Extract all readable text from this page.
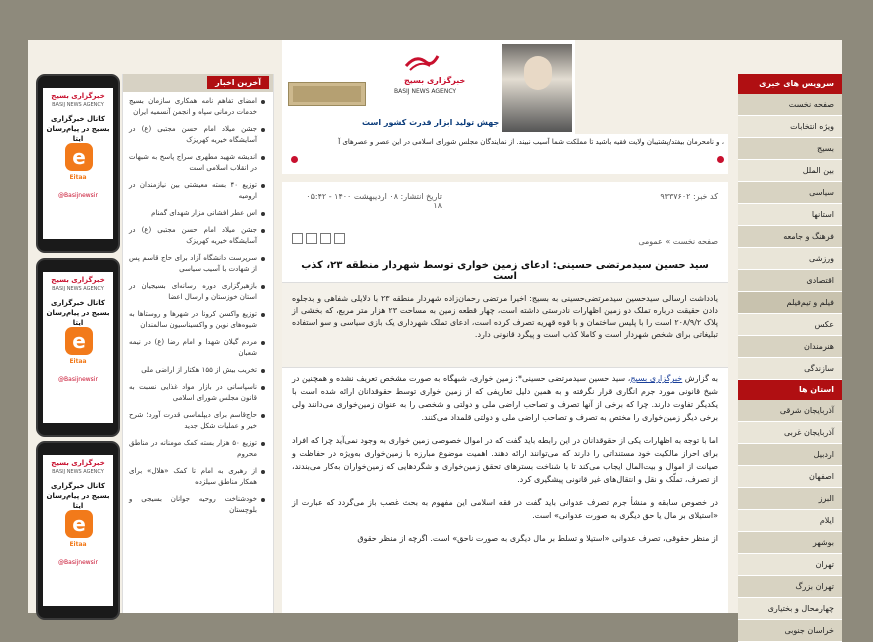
خبرگزاری بسیج
BASIJ NEWS AGENCY
کانال خبرگزاری بسیج در پیام‌رسان ایتا
e
Eitaa
@Basijnewsir
خبرگزاری بسیج
BASIJ NEWS AGENCY
کانال خبرگزاری بسیج در پیام‌رسان ایتا
e
Eitaa
@Basijnewsir
خبرگزاری بسیج
BASIJ NEWS AGENCY
کانال خبرگزاری بسیج در پیام‌رسان ایتا
e
Eitaa
@Basijnewsir
آخرین اخبار
امضای تفاهم نامه همکاری سازمان بسیج خدمات درمانی سپاه و انجمن آنسمیه ایران
جشن میلاد امام حسن مجتبی (ع) در آسایشگاه خیریه کهریزک
اندیشه شهید مطهری سراج پاسخ به شبهات در انقلاب اسلامی است
توزیع ۴۰ بسته معیشتی بین نیازمندان در ارومیه
اس عطر افشانی مزار شهدای گمنام
جشن میلاد امام حسن مجتبی (ع) در آسایشگاه خیریه کهریزک
سرپرست دانشگاه آزاد برای حاج قاسم پس از شهادت با آسیب سیاسی
بازهبرگزاری دوره رسانه‌ای بسیجیان در استان خوزستان و ارسال اعضا
توزیع واکسن کرونا در شهرها و روستاها به شیوه‌های نوین و واکسیناسیون سالمندان
مردم گیلان شهدا و امام رضا (ع) در نیمه شعبان
تخریب بیش از ۱۵۵ هکتار از اراضی ملی
ناسپاسانی در بازار مواد غذایی نسبت به قانون مجلس شورای اسلامی
حاج‌قاسم برای دیپلماسی قدرت آورد؛ شرح خیر و عملیات شکل جدید
توزیع ۵۰ هزار بسته کمک مومنانه در مناطق محروم
از رهبری به امام تا کمک «هلال» برای همکار مناطق سیلزده
خودشناخت روحیه جوانان بسیجی و بلوچستان
خبرگزاری بسیج
BASIJ NEWS AGENCY
جهش تولید ابزار قدرت کشور است
، و نامحرمان بیفتد/پشتیبان ولایت فقیه باشید تا مملکت شما آسیب نبیند. از نمایندگان مجلس شورای اسلامی در این عصر و عصرهای آ
کد خبر: ۹۳۳۷۶۰۲
تاریخ انتشار: ۰۸ اردیبهشت ۱۴۰۰ - ۰۵:۴۲
۱۸
صفحه نخست » عمومی
سید حسین سیدمرتضی حسینی: ادعای زمین خواری توسط شهردار منطقه ۲۳، کذب است

یادداشت ارسالی سیدحسین سیدمرتضی‌حسینی به بسیج: اخیرا مرتضی رحمان‌زاده شهردار منطقه ۲۳ با دلایلی شفاهی و بدجلوه دادن حقیقت درباره تملک دو زمین اظهارات نادرستی داشته است، چهار قطعه زمین به مساحت ۲۳ هزار متر مربع، که بخشی از پلاک ۲۰۸/۹/۲ است را با پلیس ساختمان و با قوه قهریه تصرف کرده است، ادعای تملک شهرداری یک بازی سیاسی و سو استفاده تبلیغاتی برای شخص شهردار است و کاملا کذب است و پیگرد قانونی دارد.

به گزارش خبرگزاری بسیج، سید حسین سیدمرتضی حسینی*: زمین خواری، شبهگاه به صورت مشخص تعریف نشده و همچنین در شیخ قانونی مورد جرم انگاری قرار نگرفته و به همین دلیل تعاریفی که از زمین خواری توسط حقوقدانان ارائه شده است با یکدیگر تفاوت دارند. چرا که برخی از آنها تصرف و تصاحب اراضی ملی و دولتی و شخصی را به عنوان زمین‌خواری می‌دانند ولی برخی دیگر زمین‌خواری را مختص به تصرف و تصاحب اراضی ملی و دولتی قلمداد می‌کنند.

اما با توجه به اظهارات یکی از حقوقدانان در این رابطه باید گفت که در اموال خصوصی زمین خواری به وجود نمی‌آید چرا که افراد برای احراز مالکیت خود مستنداتی را دارند که می‌توانند ارائه دهند. اهمیت موضوع مبارزه با زمین‌خواری به‌ویژه در حفاظت و صیانت از اموال و بیت‌المال ایجاب می‌کند تا با شناخت بسترهای تحقق زمین‌خواری و شگردهایی که زمین‌خواران به‌کار می‌بندند، از تصرف، تملّک و نقل و انتقال‌های غیر قانونی پیشگیری کرد.

در خصوص سابقه و منشأ جرم تصرف عدوانی باید گفت در فقه اسلامی این مفهوم به بحث غصب باز می‌گردد که عبارت از «استیلای بر مال یا حق دیگری به صورت عدوانی» است.

از منظر حقوقی، تصرف عدوانی «استیلا و تسلط بر مال دیگری به صورت ناحق» است. اگرچه از منظر حقوق

سرویس های خبری
صفحه نخست
ویژه انتخابات
بسیج
بین الملل
سیاسی
استانها
فرهنگ و جامعه
ورزشی
اقتصادی
فیلم و تیم‌فیلم
عکس
هنرمندان
سازندگی
استان ها
آذربایجان شرقی
آذربایجان غربی
اردبیل
اصفهان
البرز
ایلام
بوشهر
تهران
تهران بزرگ
چهارمحال و بختیاری
خراسان جنوبی
